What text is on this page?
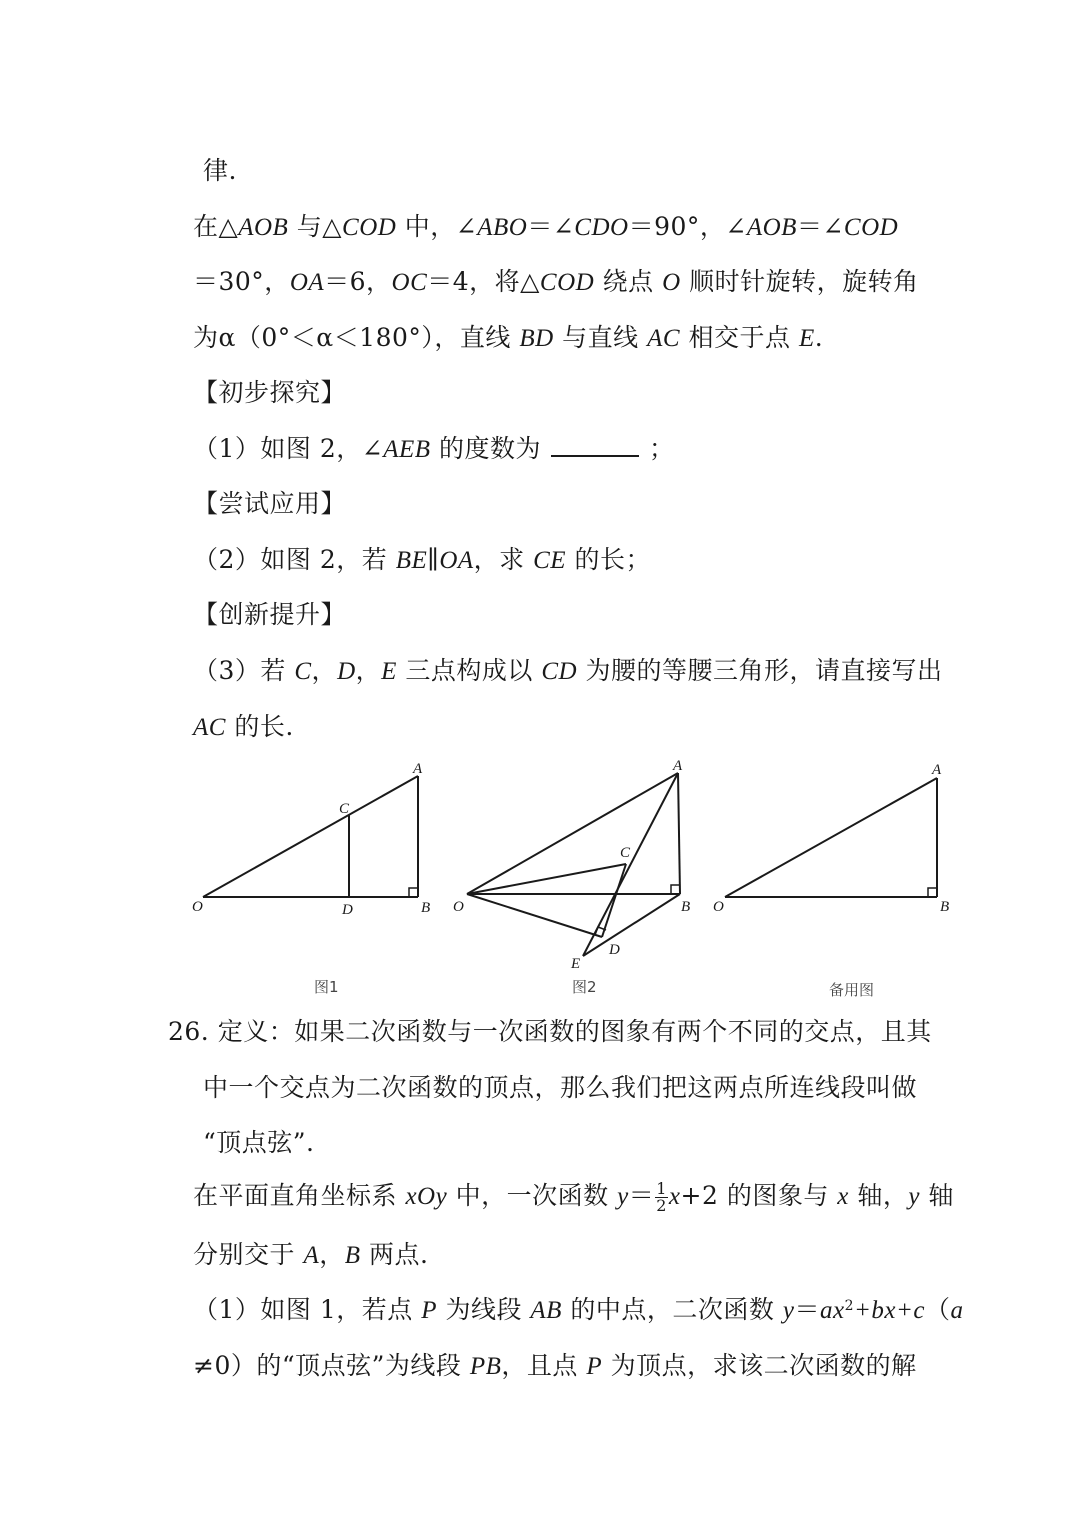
律.
在△AOB 与△COD 中，∠ABO＝∠CDO＝90°，∠AOB＝∠COD
＝30°，OA＝6，OC＝4，将△COD 绕点 O 顺时针旋转，旋转角
为α（0°＜α＜180°），直线 BD 与直线 AC 相交于点 E.
【初步探究】
（1）如图 2，∠AEB 的度数为	；
【尝试应用】
（2）如图 2，若 BE∥OA，求 CE 的长；
【创新提升】
（3）若 C，D，E 三点构成以 CD 为腰的等腰三角形，请直接写出
AC 的长.
O	D	B
C
A
O	B
A
C
D
E
O	B
A
图1	图2	备用图
26. 定义：如果二次函数与一次函数的图象有两个不同的交点，且其
中一个交点为二次函数的顶点，那么我们把这两点所连线段叫做
“顶点弦”.
在平面直角坐标系 xOy 中，一次函数 $y= \frac{1}{2} x+2$ 的图象与 x 轴，y 轴
分别交于 A，B 两点.
（1）如图 1，若点 P 为线段 AB 的中点，二次函数 $y=ax^2+bx+c(a$
≠0）的“顶点弦”为线段 PB，且点 P 为顶点，求该二次函数的解
